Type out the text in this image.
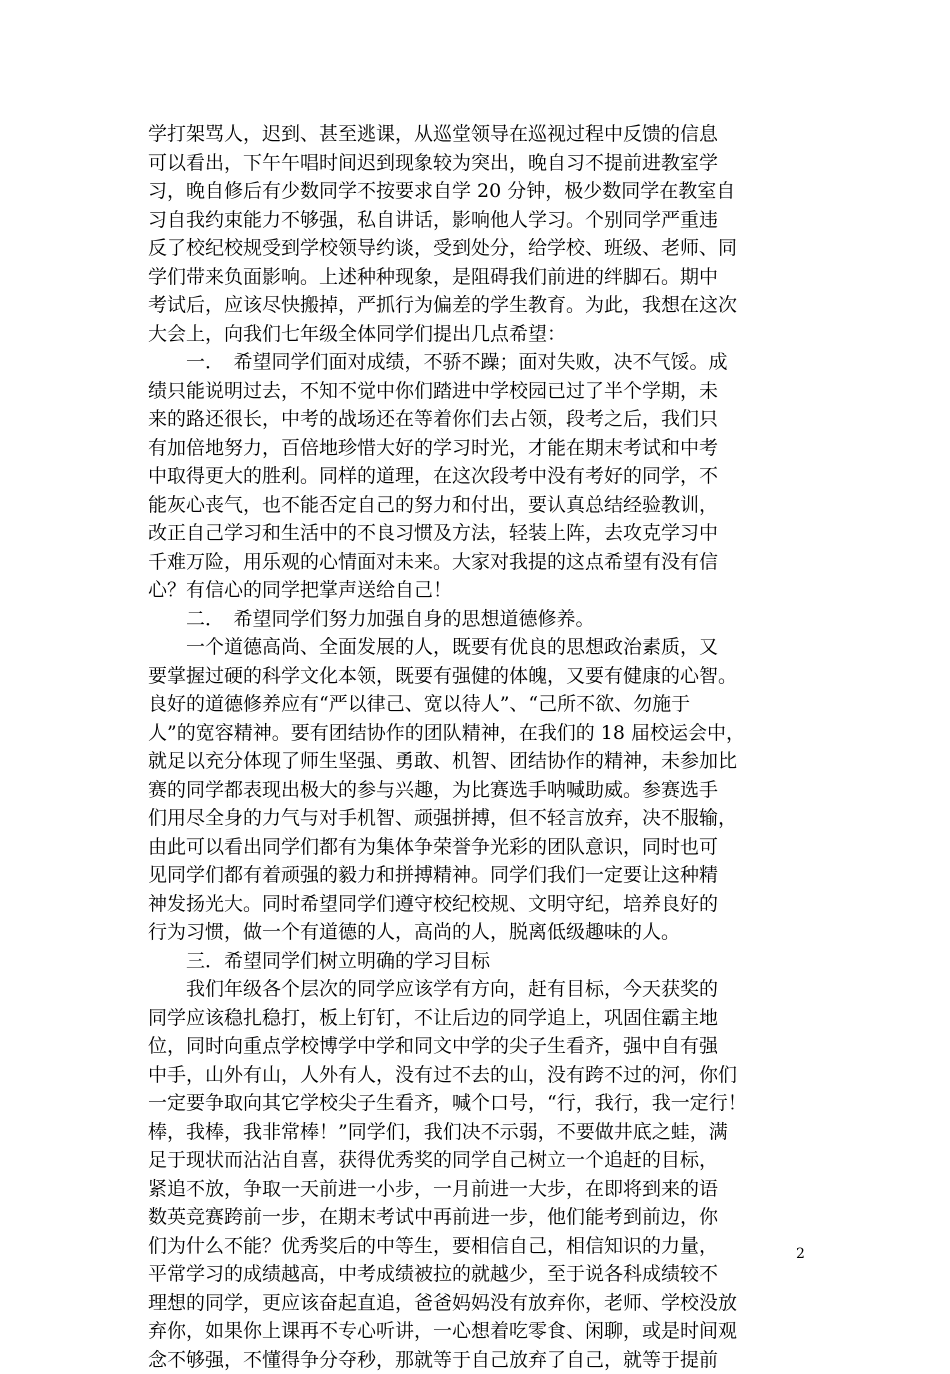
学打架骂人，迟到、甚至逃课，从巡堂领导在巡视过程中反馈的信息
可以看出，下午午唱时间迟到现象较为突出，晚自习不提前进教室学
习，晚自修后有少数同学不按要求自学 20 分钟，极少数同学在教室自
习自我约束能力不够强，私自讲话，影响他人学习。个别同学严重违
反了校纪校规受到学校领导约谈，受到处分，给学校、班级、老师、同
学们带来负面影响。上述种种现象，是阻碍我们前进的绊脚石。期中
考试后，应该尽快搬掉，严抓行为偏差的学生教育。为此，我想在这次
大会上，向我们七年级全体同学们提出几点希望：
　　一．　希望同学们面对成绩，不骄不躁；面对失败，决不气馁。成
绩只能说明过去，不知不觉中你们踏进中学校园已过了半个学期，未
来的路还很长，中考的战场还在等着你们去占领，段考之后，我们只
有加倍地努力，百倍地珍惜大好的学习时光，才能在期末考试和中考
中取得更大的胜利。同样的道理，在这次段考中没有考好的同学，不
能灰心丧气，也不能否定自己的努力和付出，要认真总结经验教训，
改正自己学习和生活中的不良习惯及方法，轻装上阵，去攻克学习中
千难万险，用乐观的心情面对未来。大家对我提的这点希望有没有信
心？有信心的同学把掌声送给自己！
　　二．　希望同学们努力加强自身的思想道德修养。
　　一个道德高尚、全面发展的人，既要有优良的思想政治素质，又
要掌握过硬的科学文化本领，既要有强健的体魄，又要有健康的心智。
良好的道德修养应有“严以律己、宽以待人”、“己所不欲、勿施于
人”的宽容精神。要有团结协作的团队精神，在我们的 18 届校运会中，
就足以充分体现了师生坚强、勇敢、机智、团结协作的精神，未参加比
赛的同学都表现出极大的参与兴趣，为比赛选手呐喊助威。参赛选手
们用尽全身的力气与对手机智、顽强拼搏，但不轻言放弃，决不服输，
由此可以看出同学们都有为集体争荣誉争光彩的团队意识，同时也可
见同学们都有着顽强的毅力和拼搏精神。同学们我们一定要让这种精
神发扬光大。同时希望同学们遵守校纪校规、文明守纪，培养良好的
行为习惯，做一个有道德的人，高尚的人，脱离低级趣味的人。
　　三．希望同学们树立明确的学习目标
　　我们年级各个层次的同学应该学有方向，赶有目标，今天获奖的
同学应该稳扎稳打，板上钉钉，不让后边的同学追上，巩固住霸主地
位，同时向重点学校博学中学和同文中学的尖子生看齐，强中自有强
中手，山外有山，人外有人，没有过不去的山，没有跨不过的河，你们
一定要争取向其它学校尖子生看齐，喊个口号，“行，我行，我一定行！
棒，我棒，我非常棒！”同学们，我们决不示弱，不要做井底之蛙，满
足于现状而沾沾自喜，获得优秀奖的同学自己树立一个追赶的目标，
紧追不放，争取一天前进一小步，一月前进一大步，在即将到来的语
数英竞赛跨前一步，在期末考试中再前进一步，他们能考到前边，你
们为什么不能？优秀奖后的中等生，要相信自己，相信知识的力量，
平常学习的成绩越高，中考成绩被拉的就越少，至于说各科成绩较不
理想的同学，更应该奋起直追，爸爸妈妈没有放弃你，老师、学校没放
弃你，如果你上课再不专心听讲，一心想着吃零食、闲聊，或是时间观
念不够强，不懂得争分夺秒，那就等于自己放弃了自己，就等于提前
2
